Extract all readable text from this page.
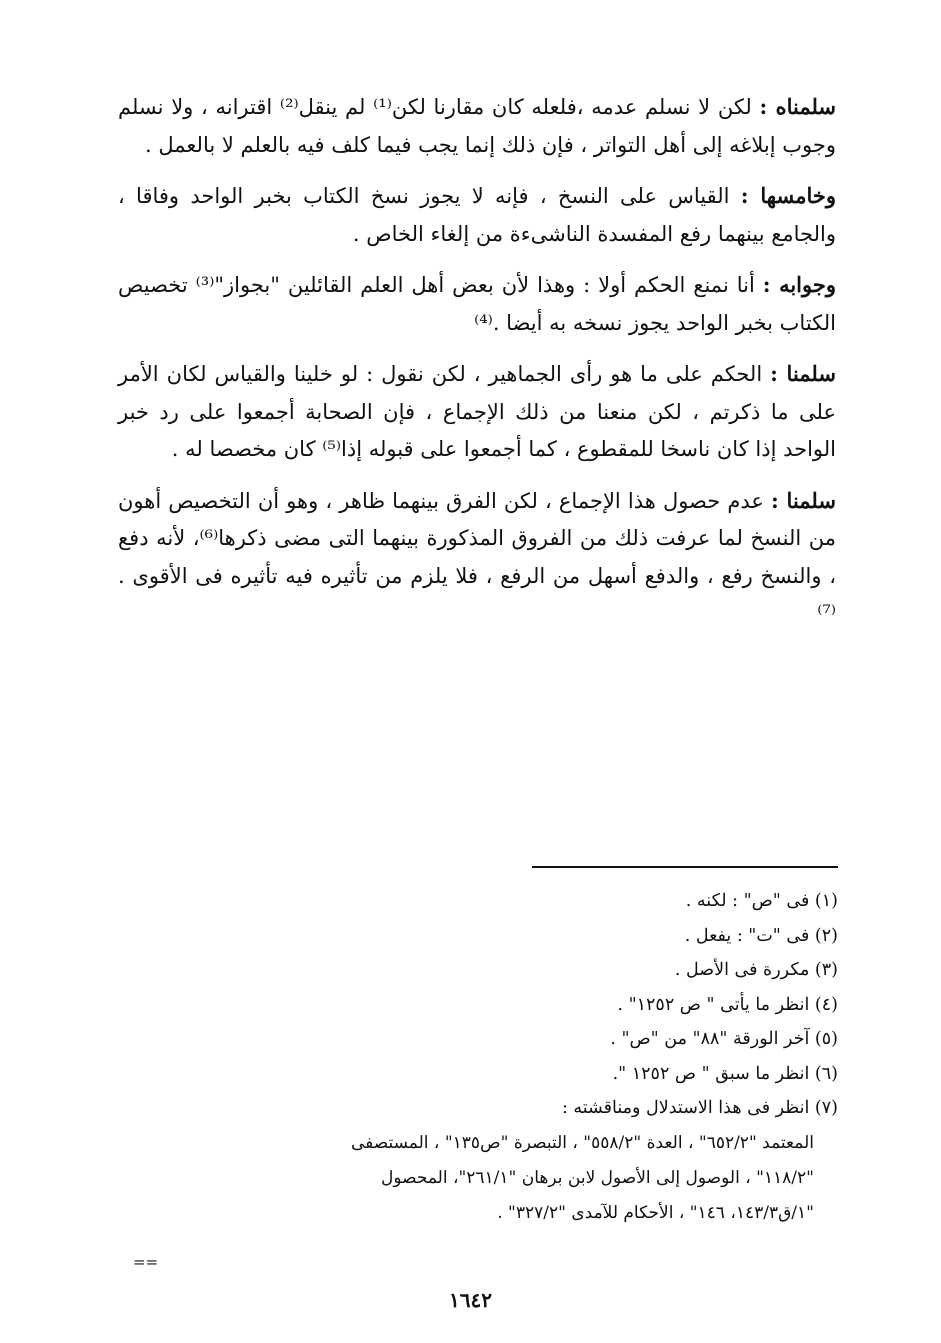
سلمناه : لكن لا نسلم عدمه ،فلعله كان مقارنا لكن⁽¹⁾ لم ينقل⁽²⁾ اقترانه ، ولا نسلم وجوب إبلاغه إلى أهل التواتر ، فإن ذلك إنما يجب فيما كلف فيه بالعلم لا بالعمل .

وخامسها : القياس على النسخ ، فإنه لا يجوز نسخ الكتاب بخبر الواحد وفاقا ، والجامع بينهما رفع المفسدة الناشىءة من إلغاء الخاص .

وجوابه : أنا نمنع الحكم أولا : وهذا لأن بعض أهل العلم القائلين "بجواز"⁽³⁾ تخصيص الكتاب بخبر الواحد يجوز نسخه به أيضا .⁽⁴⁾

سلمنا : الحكم على ما هو رأى الجماهير ، لكن نقول : لو خلينا والقياس لكان الأمر على ما ذكرتم ، لكن منعنا من ذلك الإجماع ، فإن الصحابة أجمعوا على رد خبر الواحد إذا كان ناسخا للمقطوع ، كما أجمعوا على قبوله إذا⁽⁵⁾ كان مخصصا له .

سلمنا : عدم حصول هذا الإجماع ، لكن الفرق بينهما ظاهر ، وهو أن التخصيص أهون من النسخ لما عرفت ذلك من الفروق المذكورة بينهما التى مضى ذكرها⁽⁶⁾، لأنه دفع ، والنسخ رفع ، والدفع أسهل من الرفع ، فلا يلزم من تأثيره فيه تأثيره فى الأقوى .⁽⁷⁾

(١) فى "ص" : لكنه .
(٢) فى "ت" : يفعل .
(٣) مكررة فى الأصل .
(٤) انظر ما يأتى " ص ١٢٥٢" .
(٥) آخر الورقة "٨٨" من "ص" .
(٦) انظر ما سبق " ص ١٢٥٢ ".
(٧) انظر فى هذا الاستدلال ومناقشته :
المعتمد "٦٥٢/٢" ، العدة "٥٥٨/٢" ، التبصرة "ص١٣٥" ، المستصفى
"١١٨/٢" ، الوصول إلى الأصول لابن برهان "٢٦١/١"، المحصول
"١/ق١٤٣/٣، ١٤٦" ، الأحكام للآمدى "٣٢٧/٢" .
==
١٦٤٢
